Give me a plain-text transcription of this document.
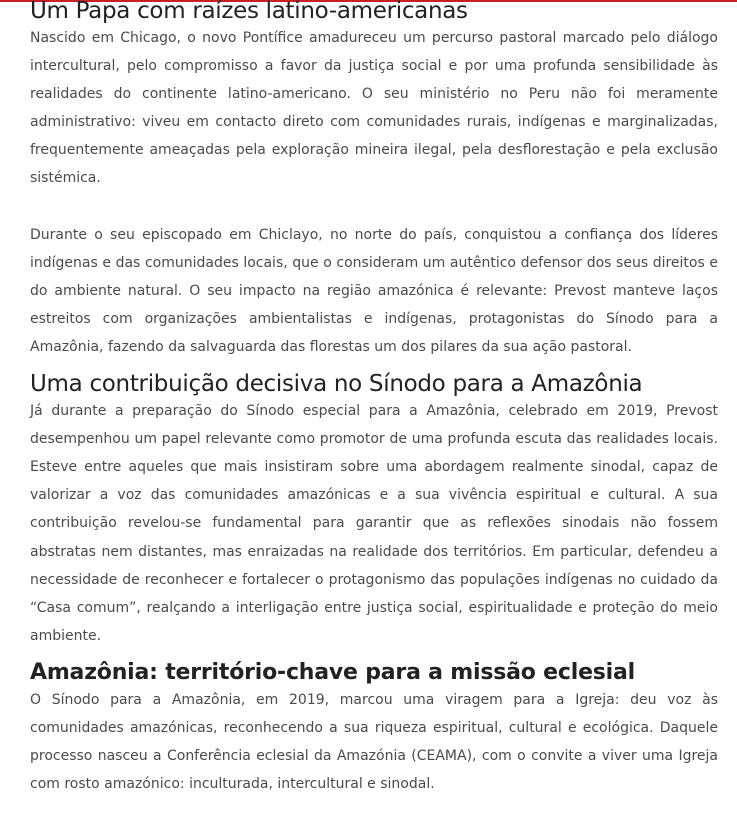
Um Papa com raízes latino-americanas

Nascido em Chicago, o novo Pontífice amadureceu um percurso pastoral marcado pelo diálogo intercultural, pelo compromisso a favor da justiça social e por uma profunda sensibilidade às realidades do continente latino-americano. O seu ministério no Peru não foi meramente administrativo: viveu em contacto direto com comunidades rurais, indígenas e marginalizadas, frequentemente ameaçadas pela exploração mineira ilegal, pela desflorestação e pela exclusão sistémica.

Durante o seu episcopado em Chiclayo, no norte do país, conquistou a confiança dos líderes indígenas e das comunidades locais, que o consideram um autêntico defensor dos seus direitos e do ambiente natural. O seu impacto na região amazónica é relevante: Prevost manteve laços estreitos com organizações ambientalistas e indígenas, protagonistas do Sínodo para a Amazônia, fazendo da salvaguarda das florestas um dos pilares da sua ação pastoral.

Uma contribuição decisiva no Sínodo para a Amazônia

Já durante a preparação do Sínodo especial para a Amazônia, celebrado em 2019, Prevost desempenhou um papel relevante como promotor de uma profunda escuta das realidades locais. Esteve entre aqueles que mais insistiram sobre uma abordagem realmente sinodal, capaz de valorizar a voz das comunidades amazónicas e a sua vivência espiritual e cultural. A sua contribuição revelou-se fundamental para garantir que as reflexões sinodais não fossem abstratas nem distantes, mas enraizadas na realidade dos territórios. Em particular, defendeu a necessidade de reconhecer e fortalecer o protagonismo das populações indígenas no cuidado da “Casa comum”, realçando a interligação entre justiça social, espiritualidade e proteção do meio ambiente.

Amazônia: território-chave para a missão eclesial

O Sínodo para a Amazônia, em 2019, marcou uma viragem para a Igreja: deu voz às comunidades amazónicas, reconhecendo a sua riqueza espiritual, cultural e ecológica. Daquele processo nasceu a Conferência eclesial da Amazónia (CEAMA), com o convite a viver uma Igreja com rosto amazónico: inculturada, intercultural e sinodal.
